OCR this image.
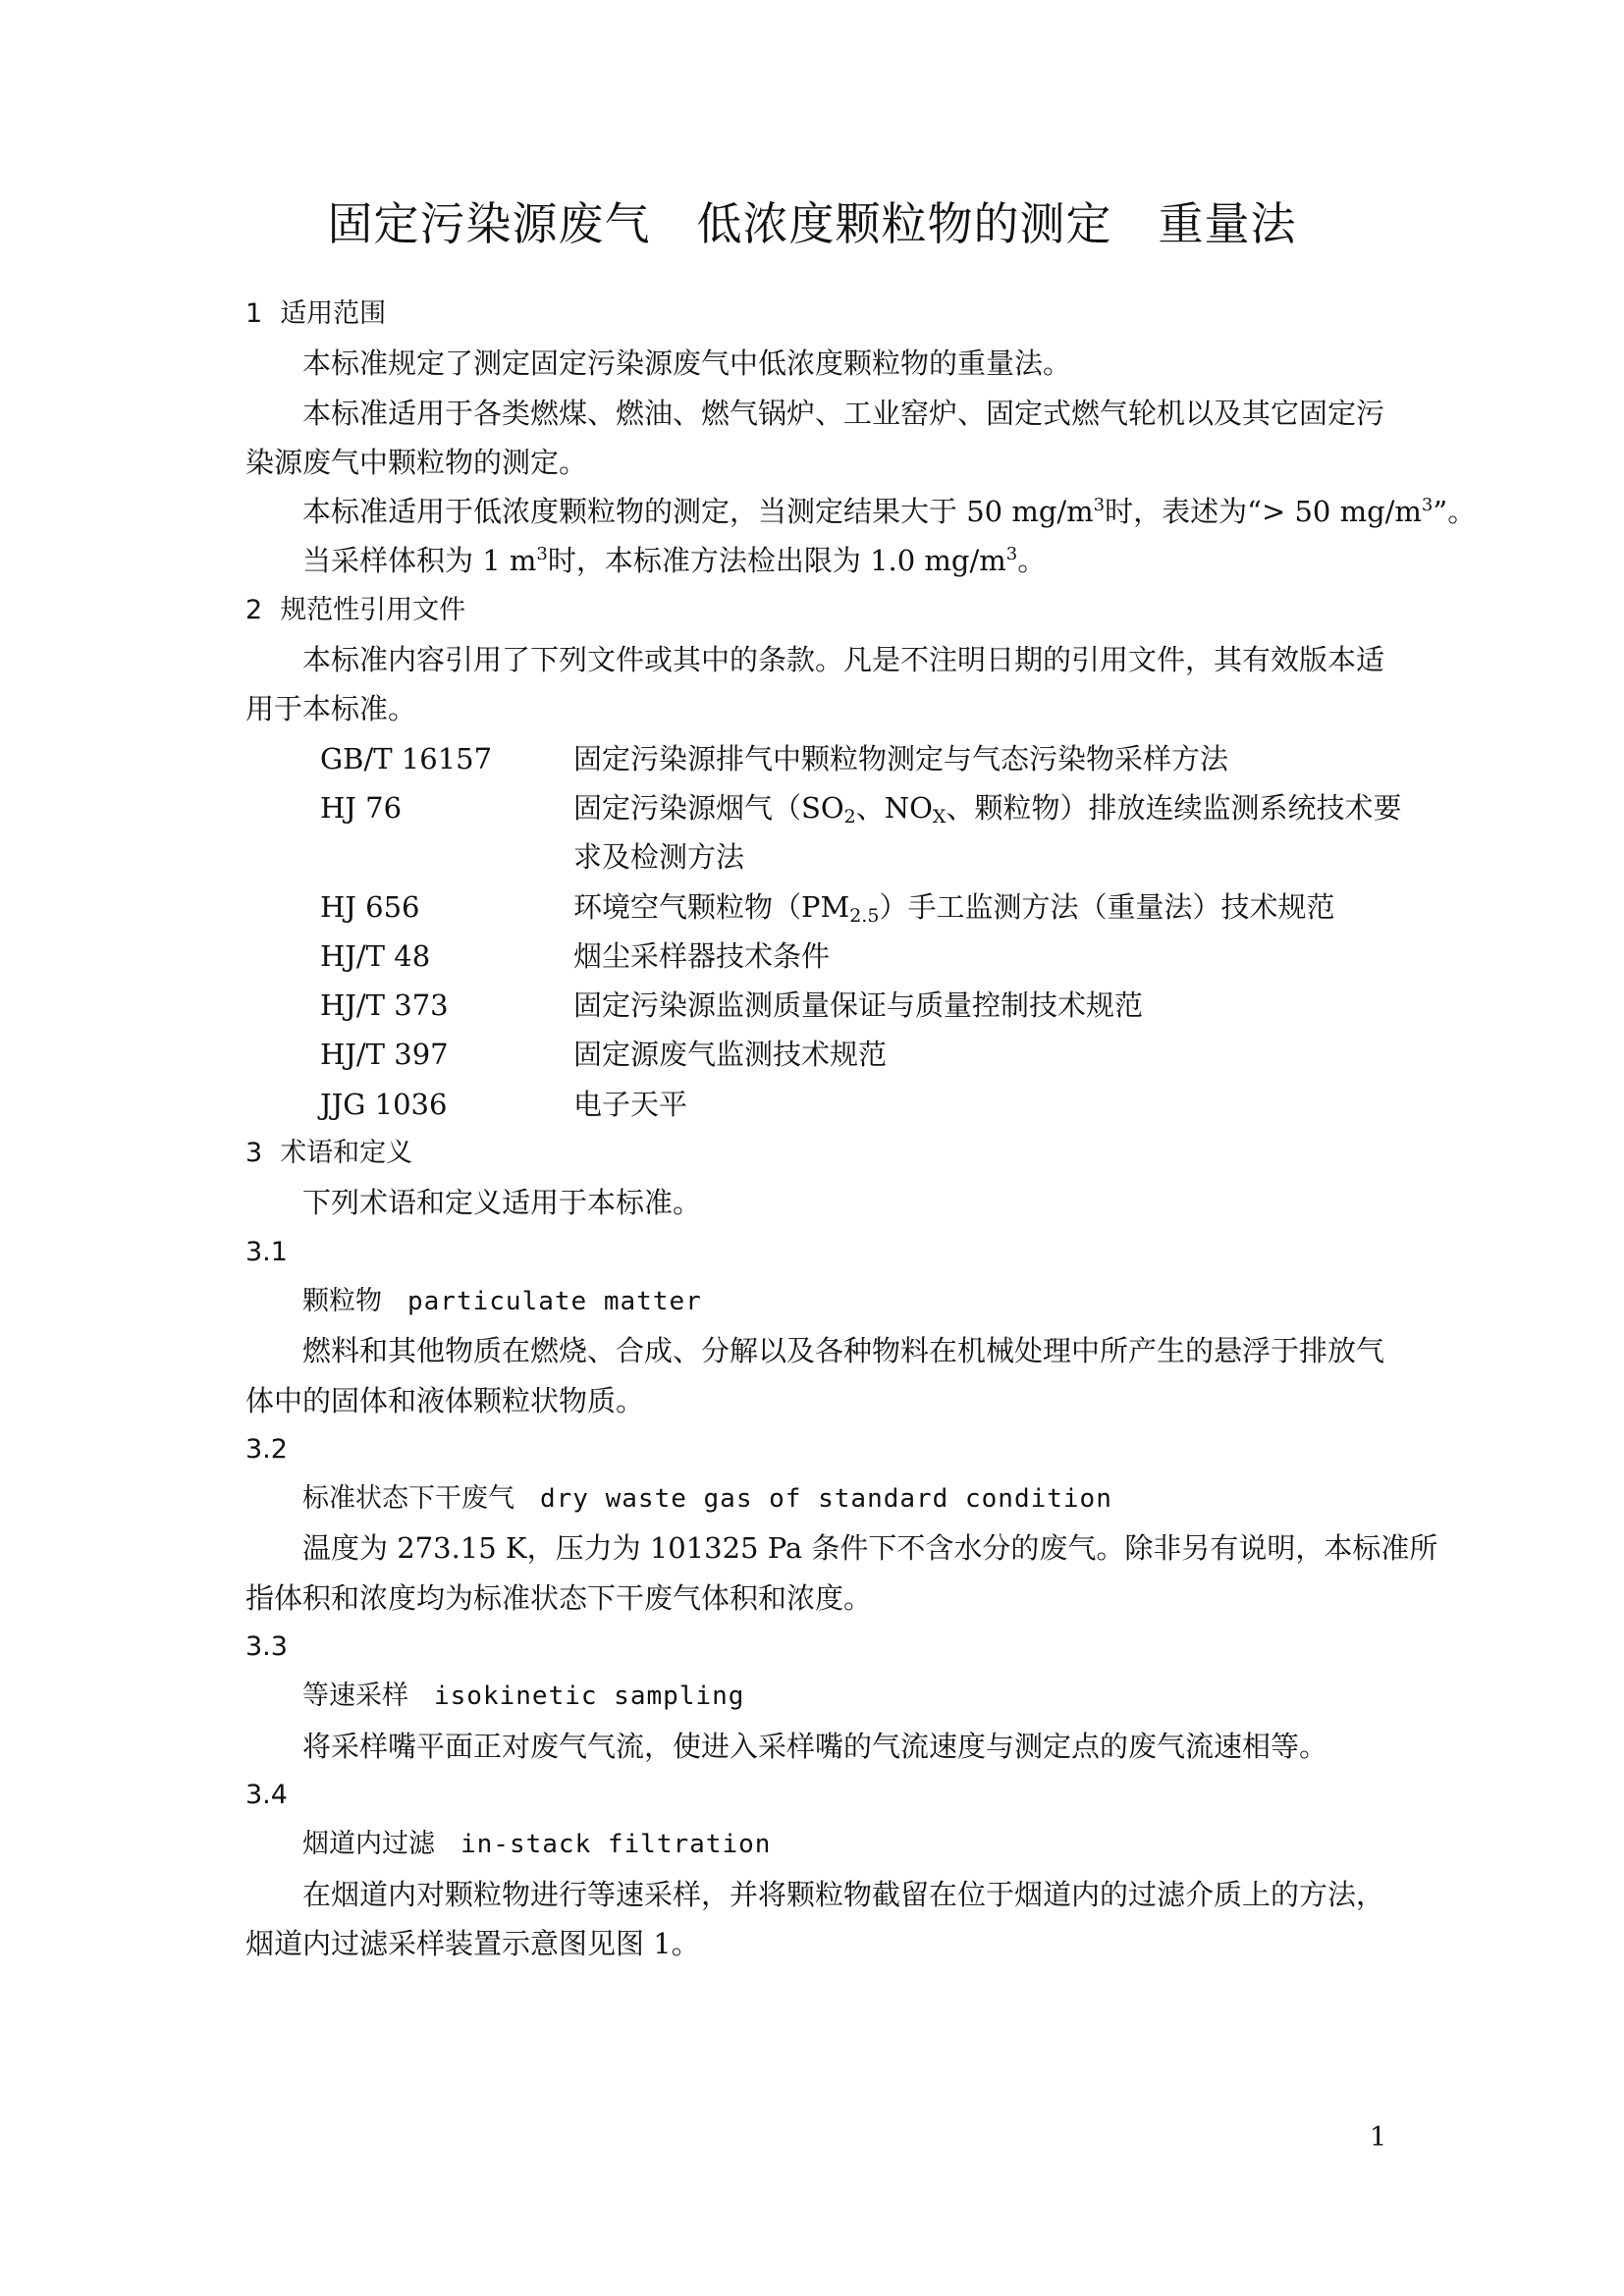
固定污染源废气　低浓度颗粒物的测定　重量法
1 适用范围
本标准规定了测定固定污染源废气中低浓度颗粒物的重量法。
本标准适用于各类燃煤、燃油、燃气锅炉、工业窑炉、固定式燃气轮机以及其它固定污
染源废气中颗粒物的测定。
本标准适用于低浓度颗粒物的测定，当测定结果大于 50 $mg/m^3$时，表述为“> 50 $mg/m^3$”。
当采样体积为 1 $m^3$时，本标准方法检出限为 1.0 $mg/m^3$。
2 规范性引用文件
本标准内容引用了下列文件或其中的条款。凡是不注明日期的引用文件，其有效版本适
用于本标准。
GB/T 16157	固定污染源排气中颗粒物测定与气态污染物采样方法
HJ 76	固定污染源烟气（$SO_2$、$NO_X$、颗粒物）排放连续监测系统技术要
求及检测方法
HJ 656	环境空气颗粒物$(PM_{2.5})$手工监测方法（重量法）技术规范
HJ/T 48	烟尘采样器技术条件
HJ/T 373	固定污染源监测质量保证与质量控制技术规范
HJ/T 397	固定源废气监测技术规范
JJG 1036	电子天平
3 术语和定义
下列术语和定义适用于本标准。
3.1
颗粒物 particulate matter
燃料和其他物质在燃烧、合成、分解以及各种物料在机械处理中所产生的悬浮于排放气
体中的固体和液体颗粒状物质。
3.2
标准状态下干废气 dry waste gas of standard condition
温度为 273.15 K，压力为 101325 Pa 条件下不含水分的废气。除非另有说明，本标准所
指体积和浓度均为标准状态下干废气体积和浓度。
3.3
等速采样 isokinetic sampling
将采样嘴平面正对废气气流，使进入采样嘴的气流速度与测定点的废气流速相等。
3.4
烟道内过滤 in-stack filtration
在烟道内对颗粒物进行等速采样，并将颗粒物截留在位于烟道内的过滤介质上的方法，
烟道内过滤采样装置示意图见图 1。
1
